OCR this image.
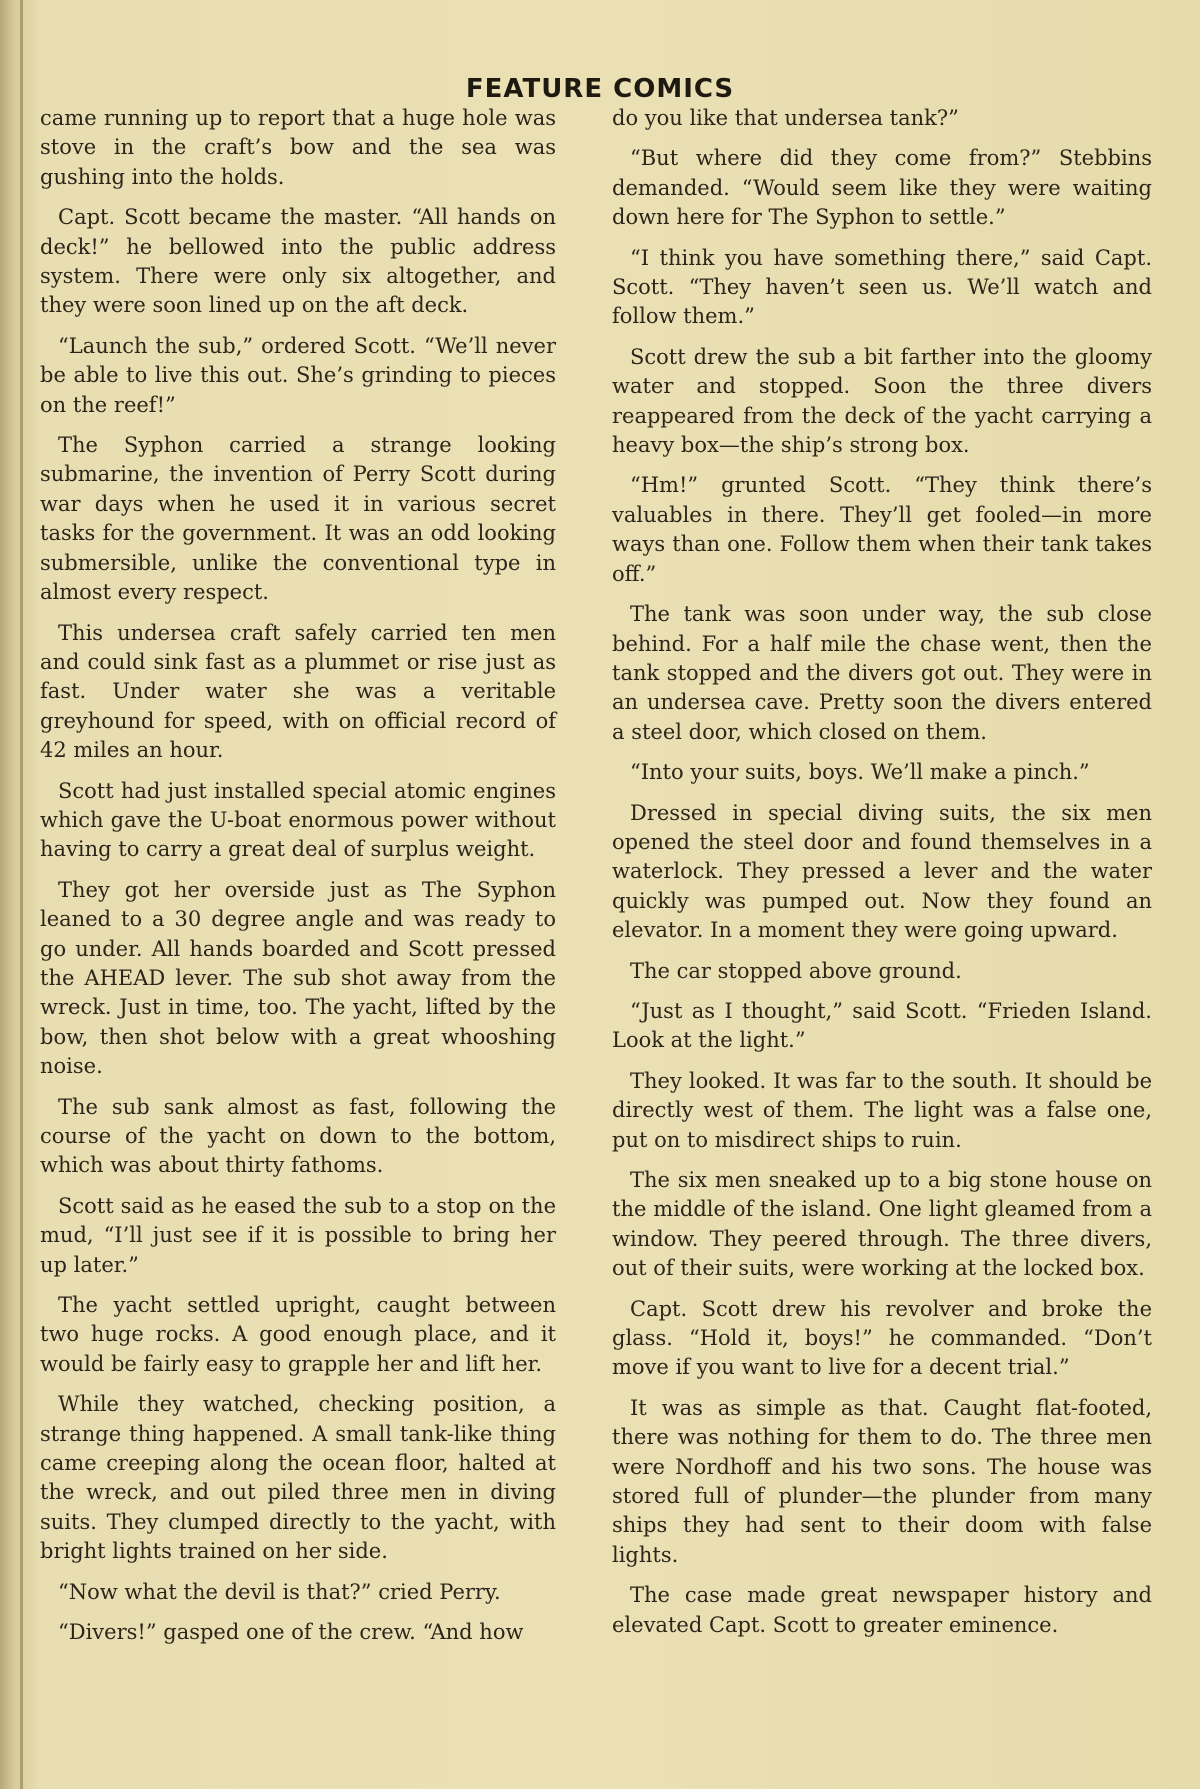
FEATURE COMICS

came running up to report that a huge hole was stove in the craft’s bow and the sea was gushing into the holds.

Capt. Scott became the master. “All hands on deck!” he bellowed into the public address system. There were only six altogether, and they were soon lined up on the aft deck.

“Launch the sub,” ordered Scott. “We’ll never be able to live this out. She’s grinding to pieces on the reef!”

The Syphon carried a strange looking submarine, the invention of Perry Scott during war days when he used it in various secret tasks for the government. It was an odd looking submersible, unlike the conventional type in almost every respect.

This undersea craft safely carried ten men and could sink fast as a plummet or rise just as fast. Under water she was a veritable greyhound for speed, with on official record of 42 miles an hour.

Scott had just installed special atomic engines which gave the U-boat enormous power without having to carry a great deal of surplus weight.

They got her overside just as The Syphon leaned to a 30 degree angle and was ready to go under. All hands boarded and Scott pressed the AHEAD lever. The sub shot away from the wreck. Just in time, too. The yacht, lifted by the bow, then shot below with a great whooshing noise.

The sub sank almost as fast, following the course of the yacht on down to the bottom, which was about thirty fathoms.

Scott said as he eased the sub to a stop on the mud, “I’ll just see if it is possible to bring her up later.”

The yacht settled upright, caught between two huge rocks. A good enough place, and it would be fairly easy to grapple her and lift her.

While they watched, checking position, a strange thing happened. A small tank-like thing came creeping along the ocean floor, halted at the wreck, and out piled three men in diving suits. They clumped directly to the yacht, with bright lights trained on her side.

“Now what the devil is that?” cried Perry.

“Divers!” gasped one of the crew. “And how

do you like that undersea tank?”

“But where did they come from?” Stebbins demanded. “Would seem like they were waiting down here for The Syphon to settle.”

“I think you have something there,” said Capt. Scott. “They haven’t seen us. We’ll watch and follow them.”

Scott drew the sub a bit farther into the gloomy water and stopped. Soon the three divers reappeared from the deck of the yacht carrying a heavy box—the ship’s strong box.

“Hm!” grunted Scott. “They think there’s valuables in there. They’ll get fooled—in more ways than one. Follow them when their tank takes off.”

The tank was soon under way, the sub close behind. For a half mile the chase went, then the tank stopped and the divers got out. They were in an undersea cave. Pretty soon the divers entered a steel door, which closed on them.

“Into your suits, boys. We’ll make a pinch.”

Dressed in special diving suits, the six men opened the steel door and found themselves in a waterlock. They pressed a lever and the water quickly was pumped out. Now they found an elevator. In a moment they were going upward.

The car stopped above ground.

“Just as I thought,” said Scott. “Frieden Island. Look at the light.”

They looked. It was far to the south. It should be directly west of them. The light was a false one, put on to misdirect ships to ruin.

The six men sneaked up to a big stone house on the middle of the island. One light gleamed from a window. They peered through. The three divers, out of their suits, were working at the locked box.

Capt. Scott drew his revolver and broke the glass. “Hold it, boys!” he commanded. “Don’t move if you want to live for a decent trial.”

It was as simple as that. Caught flat-footed, there was nothing for them to do. The three men were Nordhoff and his two sons. The house was stored full of plunder—the plunder from many ships they had sent to their doom with false lights.

The case made great newspaper history and elevated Capt. Scott to greater eminence.
